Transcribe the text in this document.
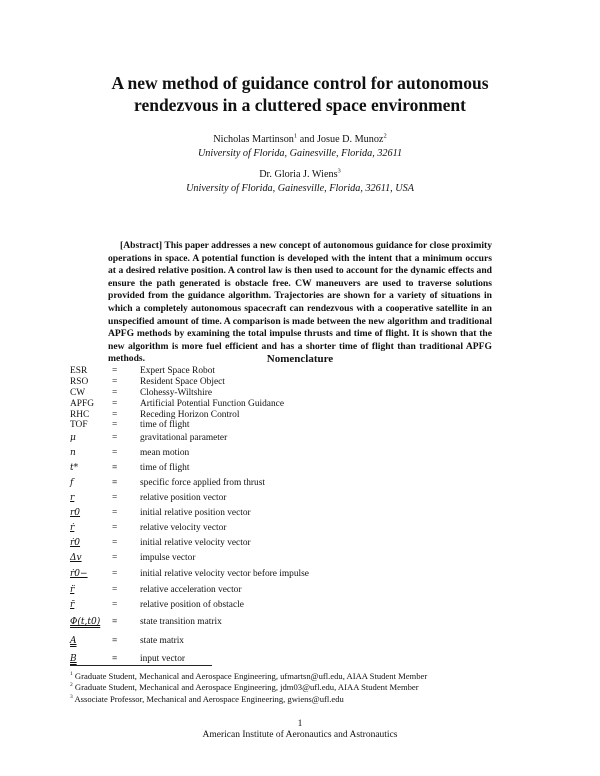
A new method of guidance control for autonomous
rendezvous in a cluttered space environment
Nicholas Martinson$^1$ and Josue D. Munoz$^2$
University of Florida, Gainesville, Florida, 32611
Dr. Gloria J. Wiens$^3$
University of Florida, Gainesville, Florida, 32611, USA
[Abstract] This paper addresses a new concept of autonomous guidance for close proximity operations in space. A potential function is developed with the intent that a minimum occurs at a desired relative position. A control law is then used to account for the dynamic effects and ensure the path generated is obstacle free. CW maneuvers are used to traverse solutions provided from the guidance algorithm. Trajectories are shown for a variety of situations in which a completely autonomous spacecraft can rendezvous with a cooperative satellite in an unspecified amount of time. A comparison is made between the new algorithm and traditional APFG methods by examining the total impulse thrusts and time of flight. It is shown that the new algorithm is more fuel efficient and has a shorter time of flight than traditional APFG methods.	Nomenclature
ESR	=	Expert Space Robot
RSO	=	Resident Space Object
CW	=	Clohessy-Wiltshire
APFG	=	Artificial Potential Function Guidance
RHC	=	Receding Horizon Control
TOF	=	time of flight
μ	=	gravitational parameter
n	=	mean motion
t*	=	time of flight
f	=	specific force applied from thrust
r	=	relative position vector
r0	=	initial relative position vector
ṙ	=	relative velocity vector
ṙ0	=	initial relative velocity vector
Δv	=	impulse vector
ṙ0−	=	initial relative velocity vector before impulse
r̈	=	relative acceleration vector
r̄	=	relative position of obstacle
Φ(t,t0)	=	state transition matrix
A	=	state matrix
B	=	input vector
$^1$ Graduate Student, Mechanical and Aerospace Engineering, ufmartsn@ufl.edu, AIAA Student Member
$^2$ Graduate Student, Mechanical and Aerospace Engineering, jdm03@ufl.edu, AIAA Student Member
$^3$ Associate Professor, Mechanical and Aerospace Engineering, gwiens@ufl.edu
1
American Institute of Aeronautics and Astronautics
